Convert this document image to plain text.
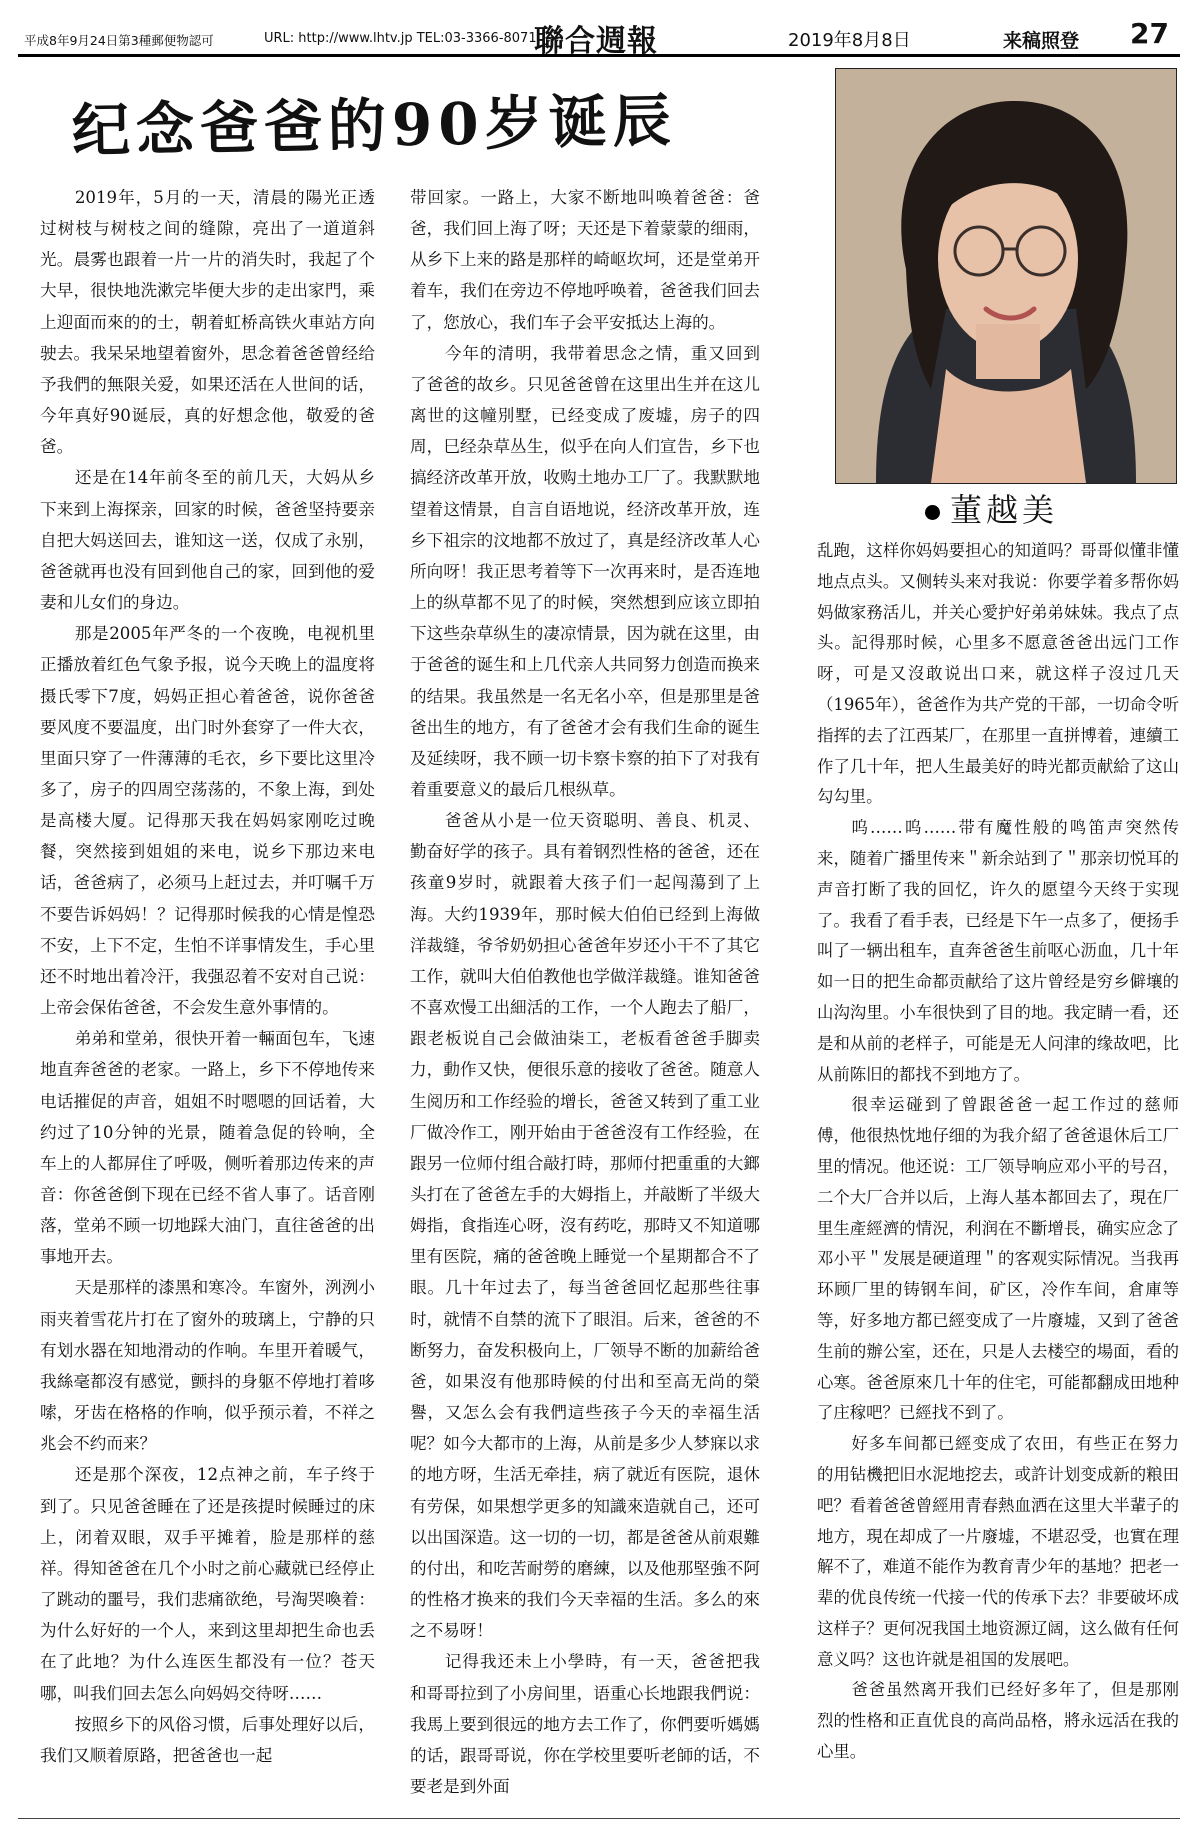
平成8年9月24日第3種郵便物認可	URL: http://www.lhtv.jp TEL:03-3366-8071
聯合週報	2019年8月8日	来稿照登 27
纪念爸爸的90岁诞辰
董越美

2019年，5月的一天，清晨的陽光正透过树枝与树枝之间的缝隙，亮出了一道道斜光。晨雾也跟着一片一片的消失时，我起了个大早，很快地洗漱完毕便大步的走出家門，乘上迎面而來的的士，朝着虹桥高铁火車站方向驶去。我呆呆地望着窗外，思念着爸爸曾经给予我們的無限关爱，如果还活在人世间的话，今年真好90诞辰，真的好想念他，敬爱的爸爸。

还是在14年前冬至的前几天，大妈从乡下来到上海探亲，回家的时候，爸爸坚持要亲自把大妈送回去，谁知这一送，仅成了永别，爸爸就再也没有回到他自己的家，回到他的爱妻和儿女们的身边。

那是2005年严冬的一个夜晚，电视机里正播放着红色气象予报，说今天晚上的温度将摄氏零下7度，妈妈正担心着爸爸，说你爸爸要风度不要温度，出门时外套穿了一件大衣，里面只穿了一件薄薄的毛衣，乡下要比这里冷多了，房子的四周空荡荡的，不象上海，到处是高楼大厦。记得那天我在妈妈家刚吃过晚餐，突然接到姐姐的来电，说乡下那边来电话，爸爸病了，必须马上赶过去，并叮嘱千万不要告诉妈妈！？记得那时候我的心情是惶恐不安，上下不定，生怕不详事情发生，手心里还不时地出着冷汗，我强忍着不安对自己说：上帝会保佑爸爸，不会发生意外事情的。

弟弟和堂弟，很快开着一輛面包车，飞速地直奔爸爸的老家。一路上，乡下不停地传来电话摧促的声音，姐姐不时嗯嗯的回话着，大约过了10分钟的光景，随着急促的铃响，全车上的人都屏住了呼吸，侧听着那边传来的声音：你爸爸倒下现在已经不省人事了。话音刚落，堂弟不顾一切地踩大油门，直往爸爸的出事地开去。

天是那样的漆黑和寒冷。车窗外，洌洌小雨夹着雪花片打在了窗外的玻璃上，宁静的只有划水器在知地滑动的作响。车里开着暖气，我絲毫都沒有感觉，颤抖的身躯不停地打着哆嗦，牙齿在格格的作响，似乎预示着，不祥之兆会不约而来？

还是那个深夜，12点神之前，车子终于到了。只见爸爸睡在了还是孩提时候睡过的床上，闭着双眼，双手平摊着，脸是那样的慈祥。得知爸爸在几个小时之前心藏就已经停止了跳动的噩号，我们悲痛欲绝，号淘哭喚着：为什么好好的一个人，来到这里却把生命也丢在了此地？为什么连医生都没有一位？苍天哪，叫我们回去怎么向妈妈交待呀……

按照乡下的风俗习惯，后事处理好以后，我们又顺着原路，把爸爸也一起

带回家。一路上，大家不断地叫唤着爸爸：爸爸，我们回上海了呀；天还是下着蒙蒙的细雨，从乡下上来的路是那样的崎岖坎坷，还是堂弟开着车，我们在旁边不停地呼唤着，爸爸我们回去了，您放心，我们车子会平安抵达上海的。

今年的清明，我带着思念之情，重又回到了爸爸的故乡。只见爸爸曾在这里出生并在这儿离世的这幢別墅，已经变成了废墟，房子的四周，巳经杂草丛生，似乎在向人们宣告，乡下也搞经济改革开放，收购土地办工厂了。我默默地望着这情景，自言自语地说，经济改革开放，连乡下祖宗的汶地都不放过了，真是经济改革人心所向呀！我正思考着等下一次再来时，是否连地上的纵草都不见了的时候，突然想到应该立即拍下这些杂草纵生的凄凉情景，因为就在这里，由于爸爸的诞生和上几代亲人共同努力创造而换来的结果。我虽然是一名无名小卒，但是那里是爸爸出生的地方，有了爸爸才会有我们生命的诞生及延续呀，我不顾一切卡察卡察的拍下了对我有着重要意义的最后几根纵草。

爸爸从小是一位天资聪明、善良、机灵、勤奋好学的孩子。具有着钢烈性格的爸爸，还在孩童9岁时，就跟着大孩子们一起闯蕩到了上海。大约1939年，那时候大伯伯已经到上海做洋裁缝，爷爷奶奶担心爸爸年岁还小干不了其它工作，就叫大伯伯教他也学做洋裁缝。谁知爸爸不喜欢慢工出細活的工作，一个人跑去了船厂，跟老板说自己会做油柒工，老板看爸爸手脚卖力，動作又快，便很乐意的接收了爸爸。随意人生阅历和工作经验的增长，爸爸又转到了重工业厂做冷作工，刚开始由于爸爸沒有工作经验，在跟另一位师付组合敲打時，那师付把重重的大鎯头打在了爸爸左手的大姆指上，并敲断了半级大姆指，食指连心呀，沒有药吃，那時又不知道哪里有医院，痛的爸爸晚上睡觉一个星期都合不了眼。几十年过去了，每当爸爸回忆起那些往事时，就情不自禁的流下了眼泪。后来，爸爸的不断努力，奋发积极向上，厂领导不断的加薪给爸爸，如果沒有他那時候的付出和至高无尚的榮譽，又怎么会有我們這些孩子今天的幸福生活呢？如今大都市的上海，从前是多少人梦寐以求的地方呀，生活无牵挂，病了就近有医院，退休有劳保，如果想学更多的知識來造就自己，还可以出国深造。这一切的一切，都是爸爸从前艰難的付出，和吃苦耐勞的磨練，以及他那堅強不阿的性格才换来的我们今天幸福的生活。多么的來之不易呀！

记得我还未上小學時，有一天，爸爸把我和哥哥拉到了小房间里，语重心长地跟我們说：我馬上要到很远的地方去工作了，你們要听媽媽的话，跟哥哥说，你在学校里要听老師的话，不要老是到外面

乱跑，这样你妈妈要担心的知道吗？哥哥似懂非懂地点点头。又侧转头来对我说：你要学着多帮你妈妈做家務活儿，并关心愛护好弟弟妹妹。我点了点头。記得那时候，心里多不愿意爸爸出远门工作呀，可是又沒敢说出口来，就这样子沒过几天（1965年），爸爸作为共产党的干部，一切命令听指挥的去了江西某厂，在那里一直拼博着，連續工作了几十年，把人生最美好的時光都贡献給了这山勾勾里。

呜……呜……带有魔性般的鸣笛声突然传来，随着广播里传来＂新余站到了＂那亲切悦耳的声音打断了我的回忆，许久的愿望今天终于实现了。我看了看手表，已经是下午一点多了，便扬手叫了一辆出租车，直奔爸爸生前呕心沥血，几十年如一日的把生命都贡献给了这片曾经是穷乡僻壤的山沟沟里。小车很快到了目的地。我定睛一看，还是和从前的老样子，可能是无人问津的缘故吧，比从前陈旧的都找不到地方了。

很幸运碰到了曾跟爸爸一起工作过的慈师傅，他很热忱地仔细的为我介紹了爸爸退休后工厂里的情况。他还说：工厂领导响应邓小平的号召，二个大厂合并以后，上海人基本都回去了，現在厂里生產經濟的情況，利润在不斷增長，确实应念了邓小平＂发展是硬道理＂的客观实际情况。当我再环顾厂里的铸钢车间，矿区，冷作车间，倉庫等等，好多地方都已經变成了一片廢墟，又到了爸爸生前的辦公室，还在，只是人去楼空的場面，看的心寒。爸爸原來几十年的住宅，可能都翻成田地种了庄稼吧？已經找不到了。

好多车间都已經变成了农田，有些正在努力的用钻機把旧水泥地挖去，或許计划变成新的粮田吧？看着爸爸曾經用青春熱血洒在这里大半輩子的地方，現在却成了一片廢墟，不堪忍受，也實在理解不了，难道不能作为教育青少年的基地？把老一辈的优良传统一代接一代的传承下去？非要破坏成这样子？更何况我国土地资源辽阔，这么做有任何意义吗？这也许就是祖国的发展吧。

爸爸虽然离开我们已经好多年了，但是那刚烈的性格和正直优良的高尚品格，將永远活在我的心里。
